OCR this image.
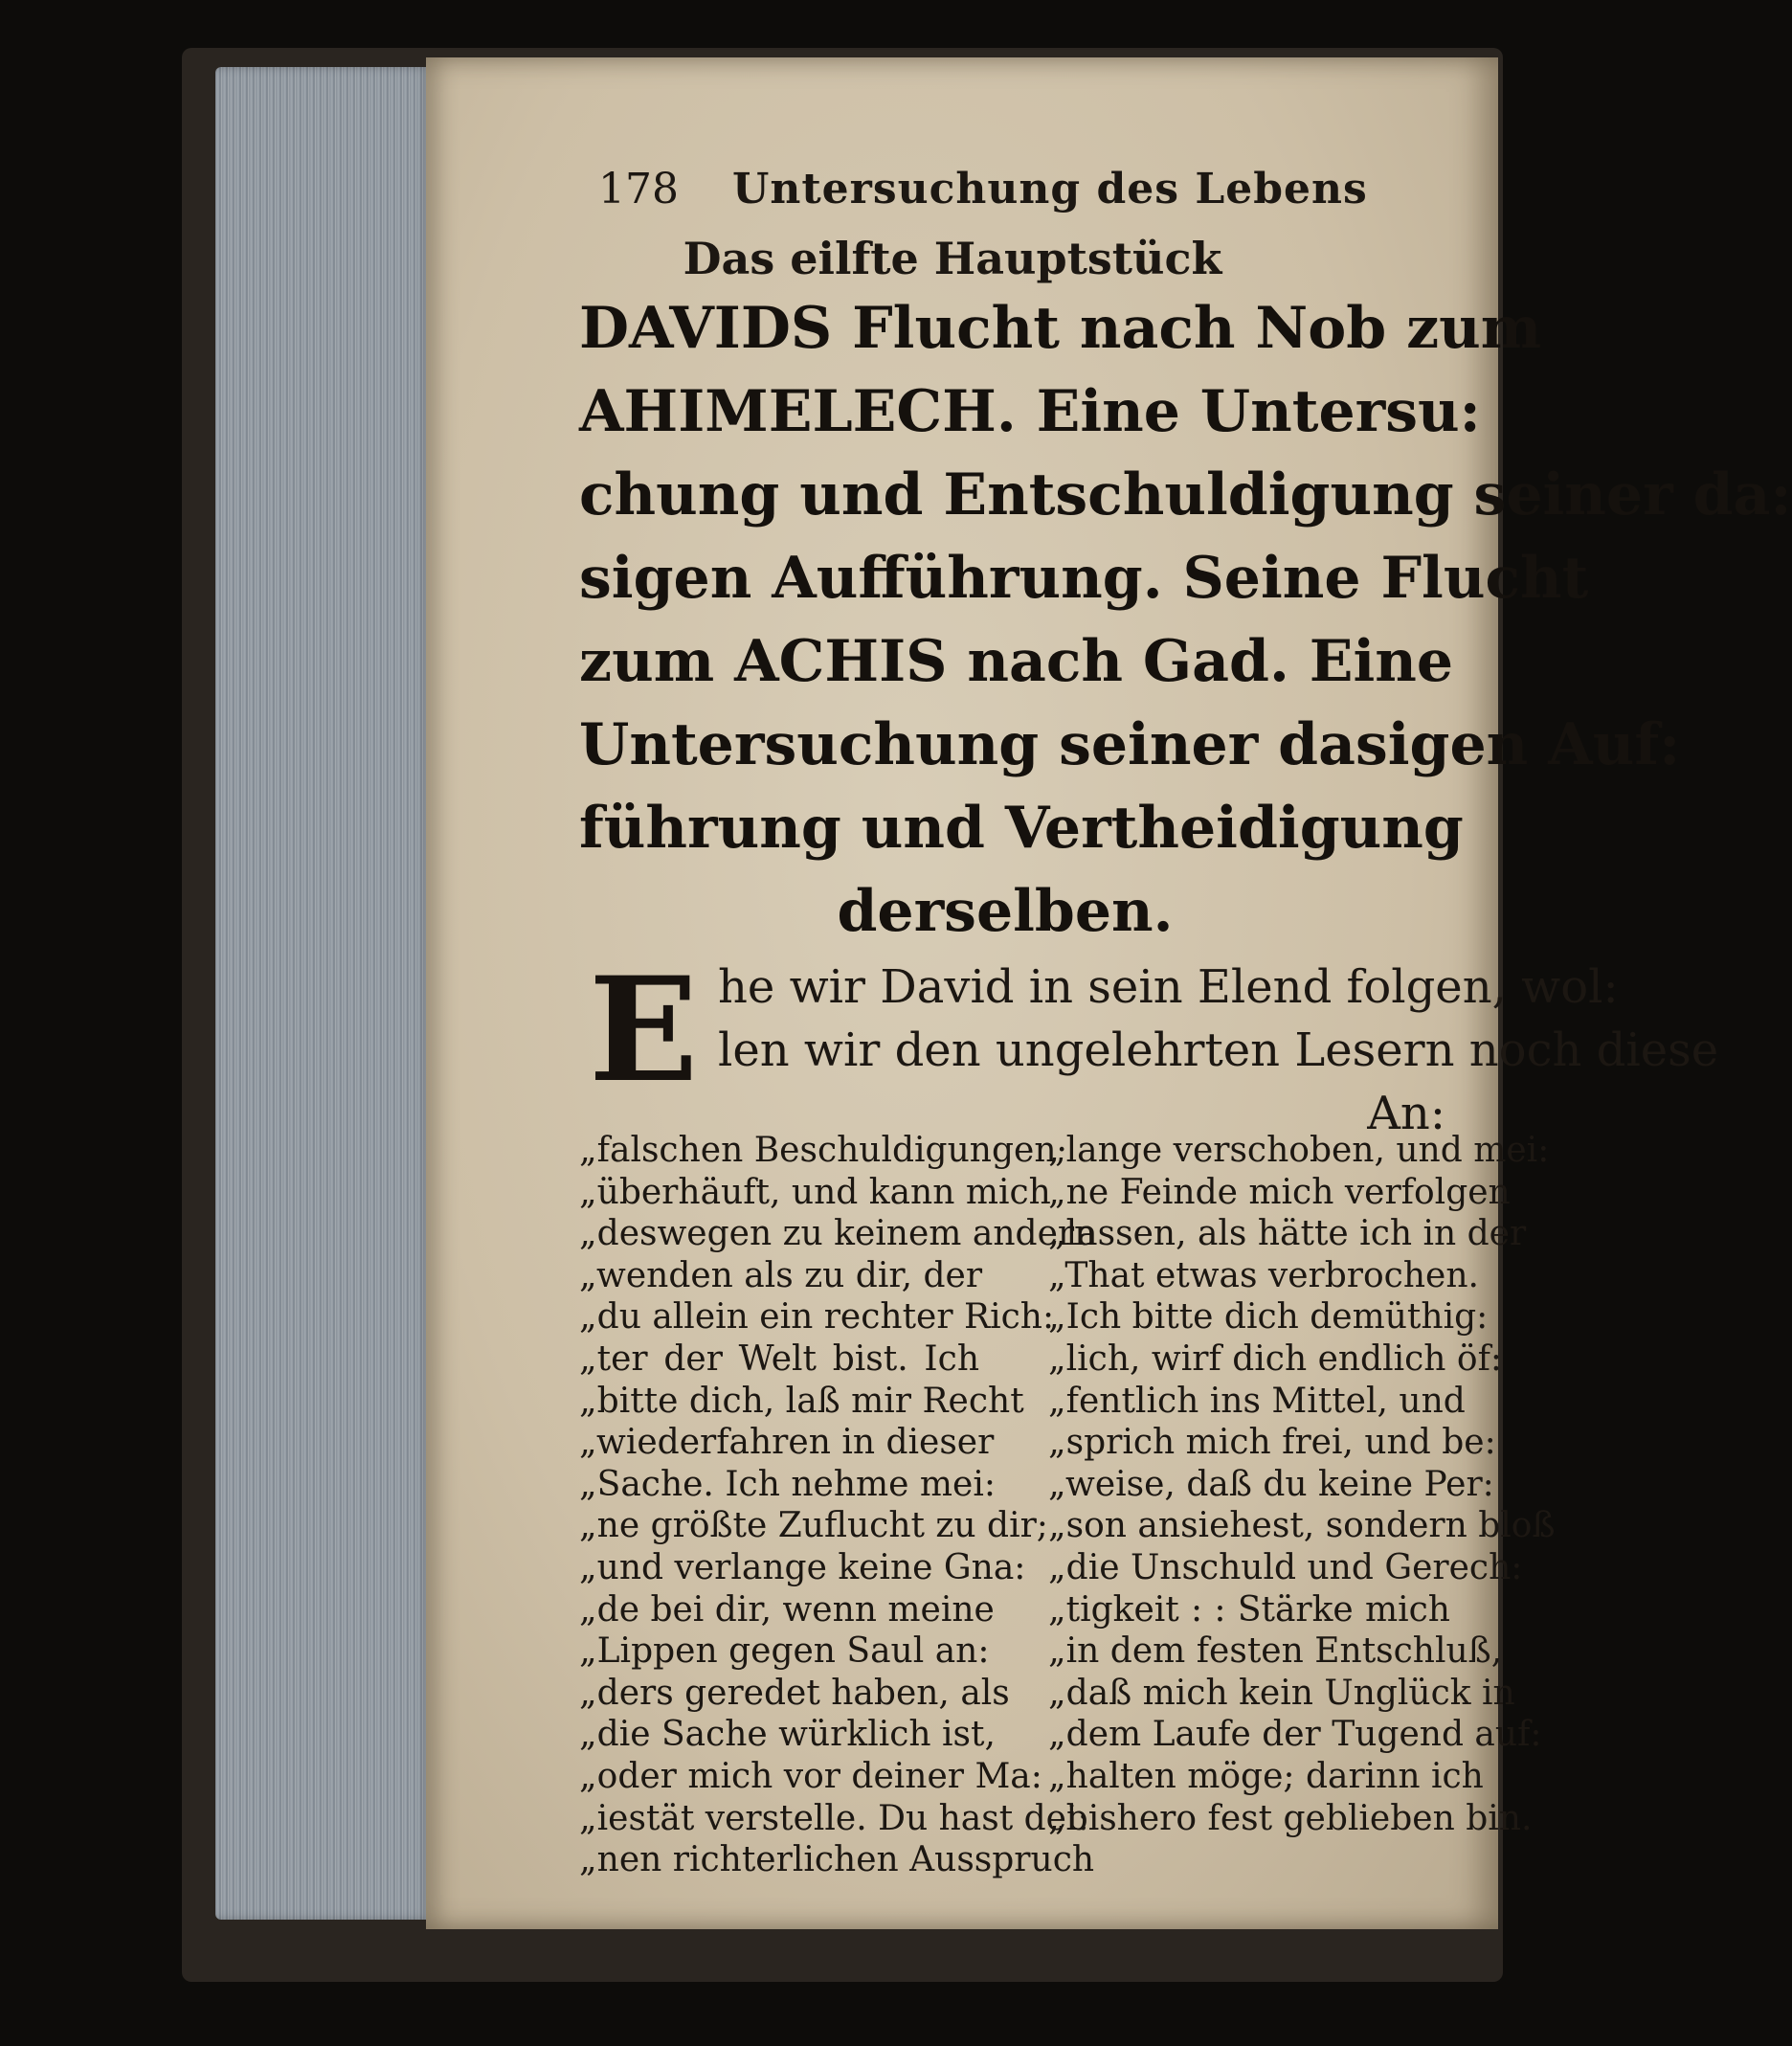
178 Untersuchung des Lebens
Das eilfte Hauptstück
DAVIDS Flucht nach Nob zum
AHIMELECH. Eine Untersu:
chung und Entschuldigung seiner da:
sigen Aufführung. Seine Flucht
zum ACHIS nach Gad. Eine
Untersuchung seiner dasigen Auf:
führung und Vertheidigung
derselben.
E he wir David in sein Elend folgen, wol:
len wir den ungelehrten Lesern noch diese
An:
„falschen Beschuldigungen·
„überhäuft, und kann mich
„deswegen zu keinem andern
„wenden als zu dir, der
„du allein ein rechter Rich:
„ter der Welt bist. Ich
„bitte dich, laß mir Recht
„wiederfahren in dieser
„Sache. Ich nehme mei:
„ne größte Zuflucht zu dir;
„und verlange keine Gna:
„de bei dir, wenn meine
„Lippen gegen Saul an:
„ders geredet haben, als
„die Sache würklich ist,
„oder mich vor deiner Ma:
„iestät verstelle. Du hast dei:
„nen richterlichen Ausspruch
„lange verschoben, und mei:
„ne Feinde mich verfolgen
„lassen, als hätte ich in der
„That etwas verbrochen.
„Ich bitte dich demüthig:
„lich, wirf dich endlich öf:
„fentlich ins Mittel, und
„sprich mich frei, und be:
„weise, daß du keine Per:
„son ansiehest, sondern bloß
„die Unschuld und Gerech:
„tigkeit : : Stärke mich
„in dem festen Entschluß,
„daß mich kein Unglück in
„dem Laufe der Tugend auf:
„halten möge; darinn ich
„bishero fest geblieben bin.
